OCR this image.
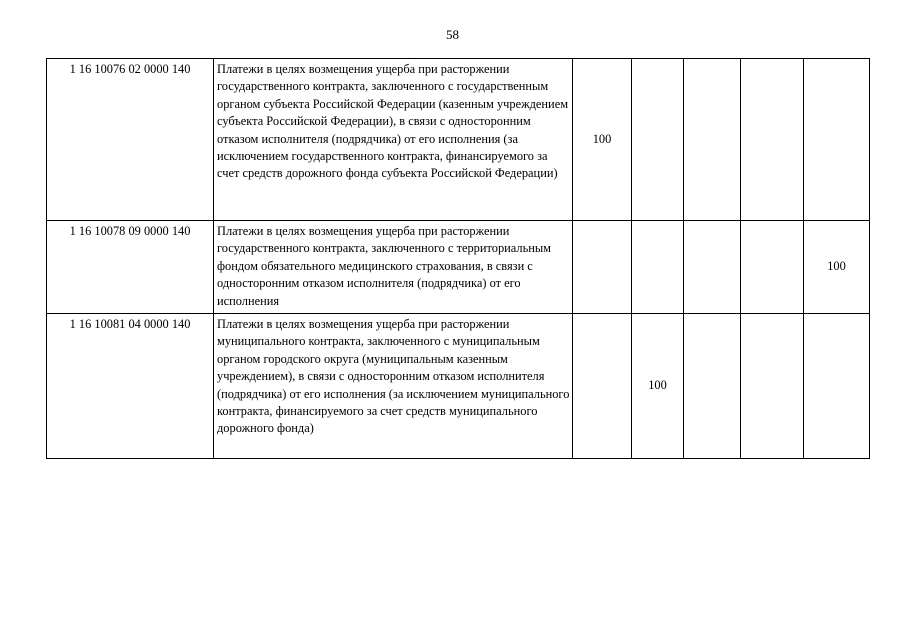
58
1 16 10076 02 0000 140	Платежи в целях возмещения ущерба при расторжении государственного контракта, заключенного с государственным органом субъекта Российской Федерации (казенным учреждением субъекта Российской Федерации), в связи с односторонним отказом исполнителя (подрядчика) от его исполнения (за исключением государственного контракта, финансируемого за счет средств дорожного фонда субъекта Российской Федерации)	100				
1 16 10078 09 0000 140	Платежи в целях возмещения ущерба при расторжении государственного контракта, заключенного с территориальным фондом обязательного медицинского страхования, в связи с односторонним отказом исполнителя (подрядчика) от его исполнения					100
1 16 10081 04 0000 140	Платежи в целях возмещения ущерба при расторжении муниципального контракта, заключенного с муниципальным органом городского округа (муниципальным казенным учреждением), в связи с односторонним отказом исполнителя (подрядчика) от его исполнения (за исключением муниципального контракта, финансируемого за счет средств муниципального дорожного фонда)		100			
